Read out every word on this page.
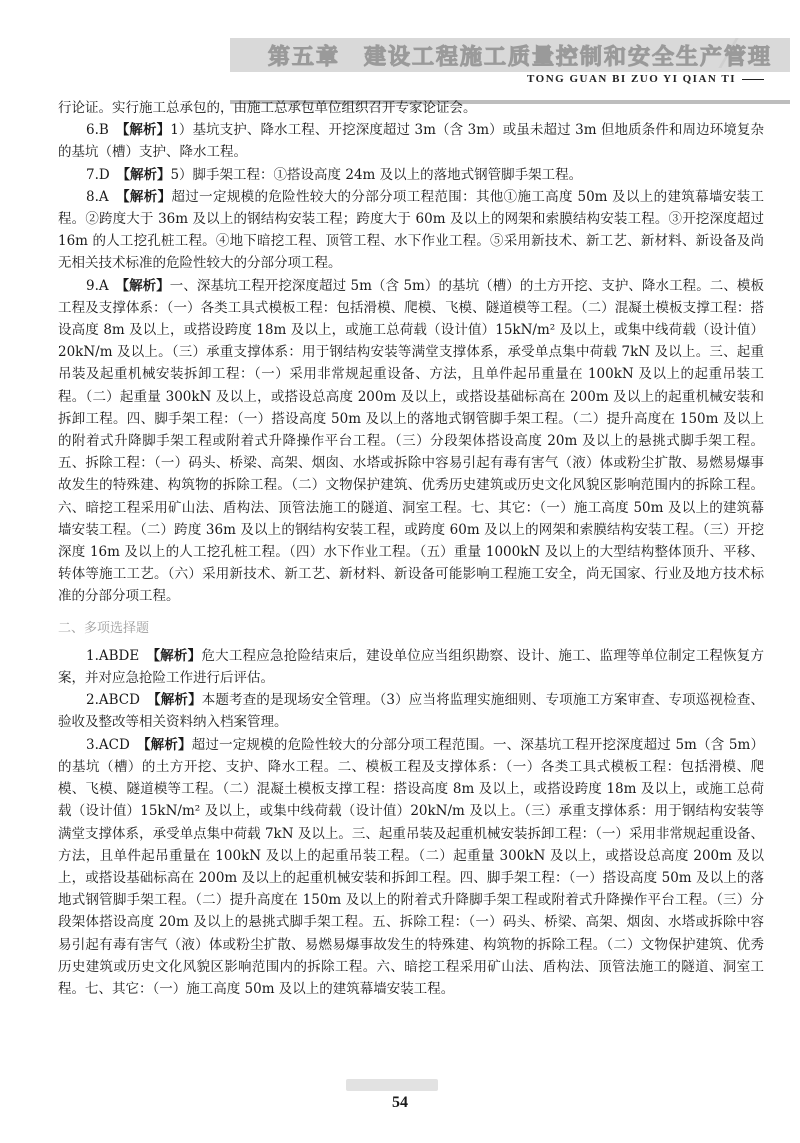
第五章　建设工程施工质量控制和安全生产管理
TONG GUAN BI ZUO YI QIAN TI

行论证。实行施工总承包的，由施工总承包单位组织召开专家论证会。

6.B　 【解析】1）基坑支护、降水工程、开挖深度超过 3m（含 3m）或虽未超过 3m 但地质条件和周边环境复杂的基坑（槽）支护、降水工程。

7.D　 【解析】5）脚手架工程：①搭设高度 24m 及以上的落地式钢管脚手架工程。

8.A　 【解析】超过一定规模的危险性较大的分部分项工程范围：其他①施工高度 50m 及以上的建筑幕墙安装工程。②跨度大于 36m 及以上的钢结构安装工程；跨度大于 60m 及以上的网架和索膜结构安装工程。③开挖深度超过 16m 的人工挖孔桩工程。④地下暗挖工程、顶管工程、水下作业工程。⑤采用新技术、新工艺、新材料、新设备及尚无相关技术标准的危险性较大的分部分项工程。

9.A　 【解析】一、深基坑工程开挖深度超过 5m（含 5m）的基坑（槽）的土方开挖、支护、降水工程。二、模板工程及支撑体系：（一）各类工具式模板工程：包括滑模、爬模、飞模、隧道模等工程。（二）混凝土模板支撑工程：搭设高度 8m 及以上，或搭设跨度 18m 及以上，或施工总荷载（设计值）15kN/m² 及以上，或集中线荷载（设计值）20kN/m 及以上。（三）承重支撑体系：用于钢结构安装等满堂支撑体系，承受单点集中荷载 7kN 及以上。三、起重吊装及起重机械安装拆卸工程：（一）采用非常规起重设备、方法，且单件起吊重量在 100kN 及以上的起重吊装工程。（二）起重量 300kN 及以上，或搭设总高度 200m 及以上，或搭设基础标高在 200m 及以上的起重机械安装和拆卸工程。四、脚手架工程：（一）搭设高度 50m 及以上的落地式钢管脚手架工程。（二）提升高度在 150m 及以上的附着式升降脚手架工程或附着式升降操作平台工程。（三）分段架体搭设高度 20m 及以上的悬挑式脚手架工程。五、拆除工程：（一）码头、桥梁、高架、烟囱、水塔或拆除中容易引起有毒有害气（液）体或粉尘扩散、易燃易爆事故发生的特殊建、构筑物的拆除工程。（二）文物保护建筑、优秀历史建筑或历史文化风貌区影响范围内的拆除工程。六、暗挖工程采用矿山法、盾构法、顶管法施工的隧道、洞室工程。七、其它：（一）施工高度 50m 及以上的建筑幕墙安装工程。（二）跨度 36m 及以上的钢结构安装工程，或跨度 60m 及以上的网架和索膜结构安装工程。（三）开挖深度 16m 及以上的人工挖孔桩工程。（四）水下作业工程。（五）重量 1000kN 及以上的大型结构整体顶升、平移、转体等施工工艺。（六）采用新技术、新工艺、新材料、新设备可能影响工程施工安全，尚无国家、行业及地方技术标准的分部分项工程。

二、多项选择题

1.ABDE　 【解析】危大工程应急抢险结束后，建设单位应当组织勘察、设计、施工、监理等单位制定工程恢复方案，并对应急抢险工作进行后评估。

2.ABCD　 【解析】本题考查的是现场安全管理。（3）应当将监理实施细则、专项施工方案审查、专项巡视检查、验收及整改等相关资料纳入档案管理。

3.ACD　 【解析】超过一定规模的危险性较大的分部分项工程范围。一、深基坑工程开挖深度超过 5m（含 5m）的基坑（槽）的土方开挖、支护、降水工程。二、模板工程及支撑体系：（一）各类工具式模板工程：包括滑模、爬模、飞模、隧道模等工程。（二）混凝土模板支撑工程：搭设高度 8m 及以上，或搭设跨度 18m 及以上，或施工总荷载（设计值）15kN/m² 及以上，或集中线荷载（设计值）20kN/m 及以上。（三）承重支撑体系：用于钢结构安装等满堂支撑体系，承受单点集中荷载 7kN 及以上。三、起重吊装及起重机械安装拆卸工程：（一）采用非常规起重设备、方法，且单件起吊重量在 100kN 及以上的起重吊装工程。（二）起重量 300kN 及以上，或搭设总高度 200m 及以上，或搭设基础标高在 200m 及以上的起重机械安装和拆卸工程。四、脚手架工程：（一）搭设高度 50m 及以上的落地式钢管脚手架工程。（二）提升高度在 150m 及以上的附着式升降脚手架工程或附着式升降操作平台工程。（三）分段架体搭设高度 20m 及以上的悬挑式脚手架工程。五、拆除工程：（一）码头、桥梁、高架、烟囱、水塔或拆除中容易引起有毒有害气（液）体或粉尘扩散、易燃易爆事故发生的特殊建、构筑物的拆除工程。（二）文物保护建筑、优秀历史建筑或历史文化风貌区影响范围内的拆除工程。六、暗挖工程采用矿山法、盾构法、顶管法施工的隧道、洞室工程。七、其它：（一）施工高度 50m 及以上的建筑幕墙安装工程。

54
